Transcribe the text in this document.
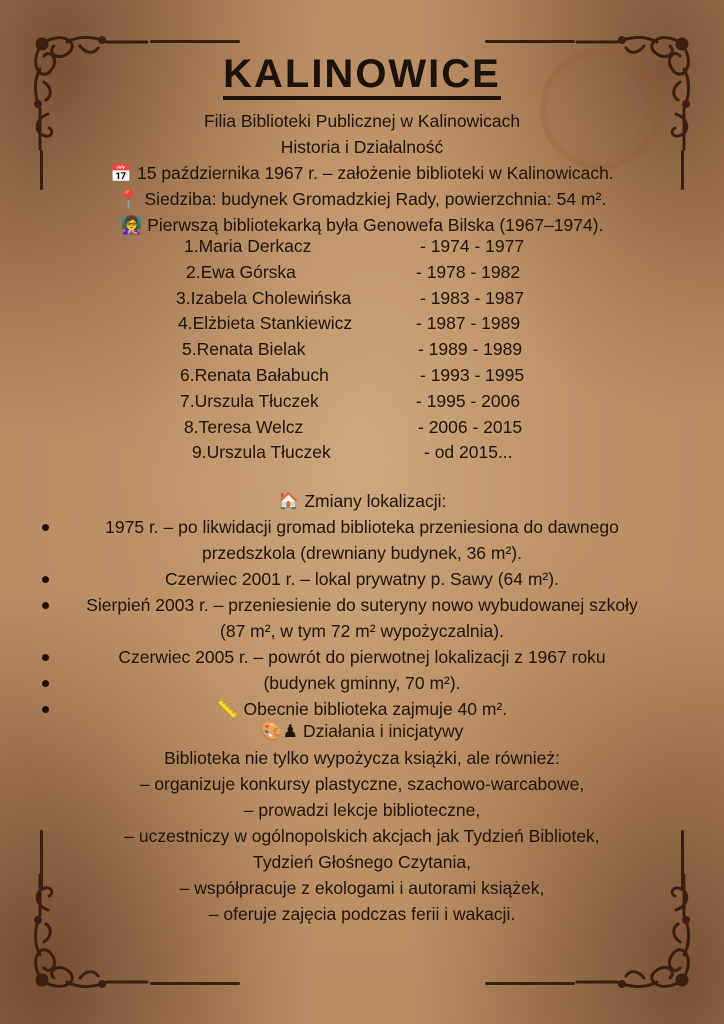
KALINOWICE
Filia Biblioteki Publicznej w Kalinowicach
Historia i Działalność
📅 15 października 1967 r. – założenie biblioteki w Kalinowicach.
📍 Siedziba: budynek Gromadzkiej Rady, powierzchnia: 54 m².
👩‍🏫 Pierwszą bibliotekarką była Genowefa Bilska (1967–1974).
1.Maria Derkacz	- 1974 - 1977
2.Ewa Górska	- 1978 - 1982
3.Izabela Cholewińska	- 1983 - 1987
4.Elżbieta Stankiewicz	- 1987 - 1989
5.Renata Bielak	- 1989 - 1989
6.Renata Bałabuch	- 1993 - 1995
7.Urszula Tłuczek	- 1995 - 2006
8.Teresa Welcz	- 2006 - 2015
9.Urszula Tłuczek	- od 2015...
🏠 Zmiany lokalizacji:
1975 r. – po likwidacji gromad biblioteka przeniesiona do dawnego
przedszkola (drewniany budynek, 36 m²).
Czerwiec 2001 r. – lokal prywatny p. Sawy (64 m²).
Sierpień 2003 r. – przeniesienie do suteryny nowo wybudowanej szkoły
(87 m², w tym 72 m² wypożyczalnia).
Czerwiec 2005 r. – powrót do pierwotnej lokalizacji z 1967 roku
(budynek gminny, 70 m²).
📏 Obecnie biblioteka zajmuje 40 m².
🎨♟ Działania i inicjatywy
Biblioteka nie tylko wypożycza książki, ale również:
– organizuje konkursy plastyczne, szachowo-warcabowe,
– prowadzi lekcje biblioteczne,
– uczestniczy w ogólnopolskich akcjach jak Tydzień Bibliotek,
Tydzień Głośnego Czytania,
– współpracuje z ekologami i autorami książek,
– oferuje zajęcia podczas ferii i wakacji.
